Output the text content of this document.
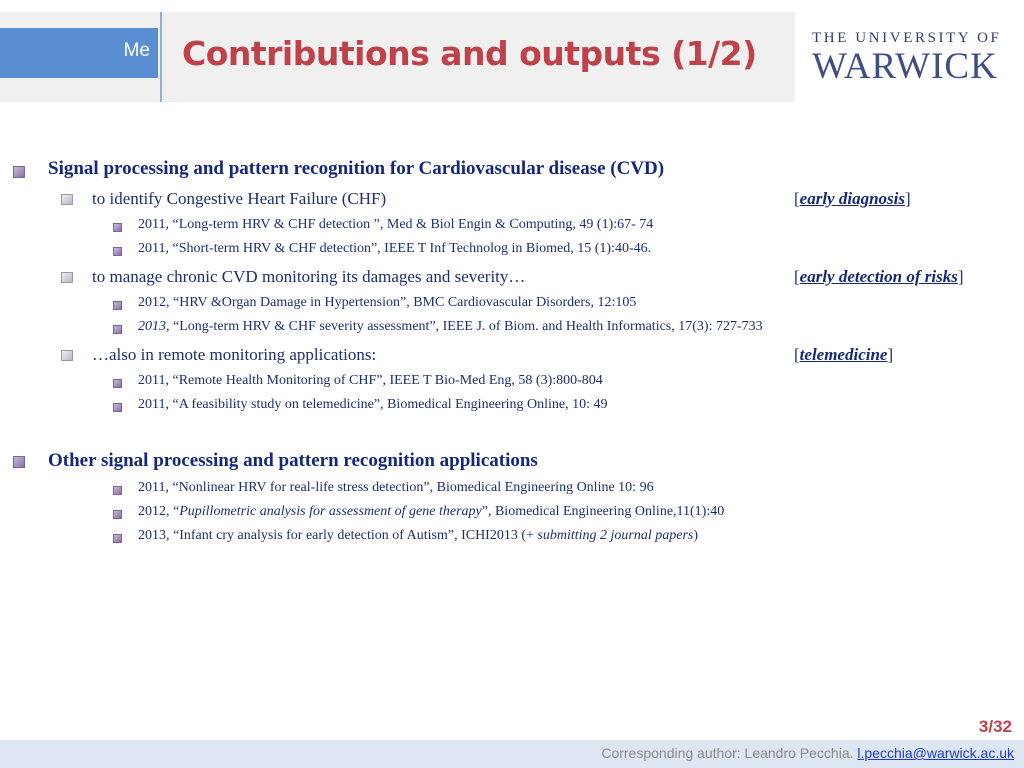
Me Contributions and outputs (1/2)	THE UNIVERSITY OF
WARWICK
Signal processing and pattern recognition for Cardiovascular disease (CVD)
to identify Congestive Heart Failure (CHF)	[early diagnosis]
2011, “Long-term HRV & CHF detection ”, Med & Biol Engin & Computing, 49 (1):67- 74
2011, “Short-term HRV & CHF detection”, IEEE T Inf Technolog in Biomed, 15 (1):40-46.
to manage chronic CVD monitoring its damages and severity…	[early detection of risks]
2012, “HRV &Organ Damage in Hypertension”, BMC Cardiovascular Disorders, 12:105
2013, “Long-term HRV & CHF severity assessment”, IEEE J. of Biom. and Health Informatics, 17(3): 727-733
…also in remote monitoring applications:	[telemedicine]
2011, “Remote Health Monitoring of CHF”, IEEE T Bio-Med Eng, 58 (3):800-804
2011, “A feasibility study on telemedicine”, Biomedical Engineering Online, 10: 49
Other signal processing and pattern recognition applications
2011, “Nonlinear HRV for real-life stress detection”, Biomedical Engineering Online 10: 96
2012, “Pupillometric analysis for assessment of gene therapy”, Biomedical Engineering Online,11(1):40
2013, “Infant cry analysis for early detection of Autism”, ICHI2013 (+ submitting 2 journal papers)
3/32
Corresponding author: Leandro Pecchia. l.pecchia@warwick.ac.uk
